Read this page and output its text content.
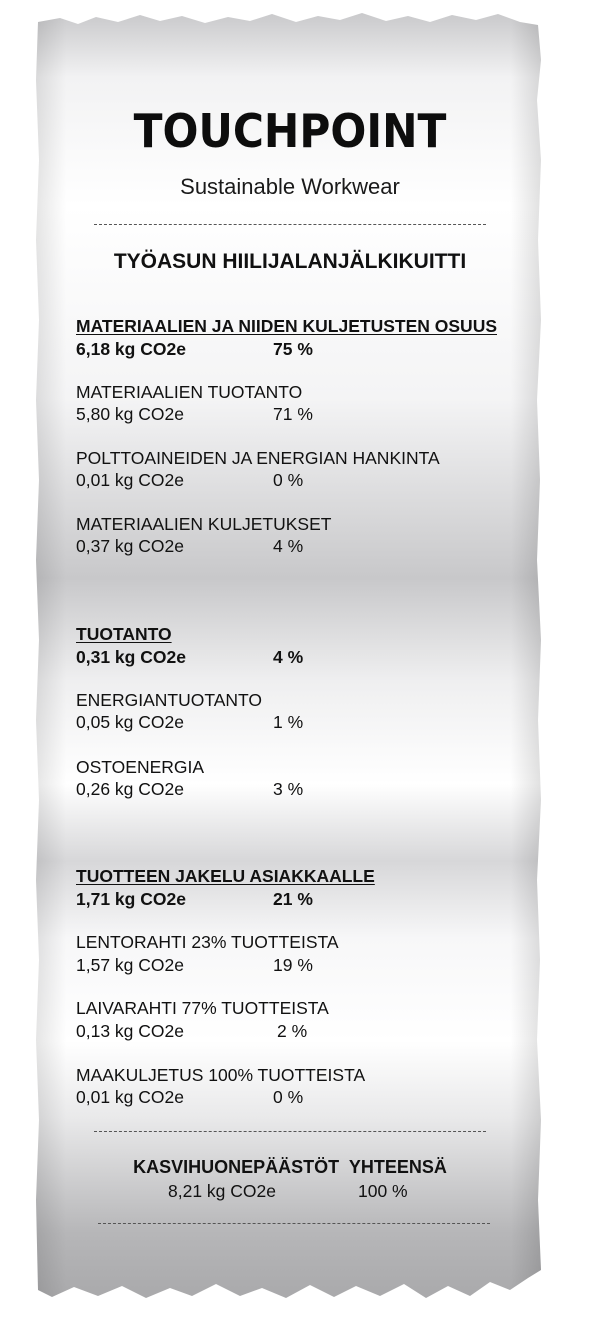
TOUCHPOINT
Sustainable Workwear
TYÖASUN HIILIJALANJÄLKIKUITTI
MATERIAALIEN JA NIIDEN KULJETUSTEN OSUUS
6,18 kg CO2e	75 %
MATERIAALIEN TUOTANTO
5,80 kg CO2e	71 %
POLTTOAINEIDEN JA ENERGIAN HANKINTA
0,01 kg CO2e	0 %
MATERIAALIEN KULJETUKSET
0,37 kg CO2e	4 %
TUOTANTO
0,31 kg CO2e	4 %
ENERGIANTUOTANTO
0,05 kg CO2e	1 %
OSTOENERGIA
0,26 kg CO2e	3 %
TUOTTEEN JAKELU ASIAKKAALLE
1,71 kg CO2e	21 %
LENTORAHTI 23% TUOTTEISTA
1,57 kg CO2e	19 %
LAIVARAHTI 77% TUOTTEISTA
0,13 kg CO2e	2 %
MAAKULJETUS 100% TUOTTEISTA
0,01 kg CO2e	0 %
KASVIHUONEPÄÄSTÖT  YHTEENSÄ
8,21 kg CO2e	100 %
